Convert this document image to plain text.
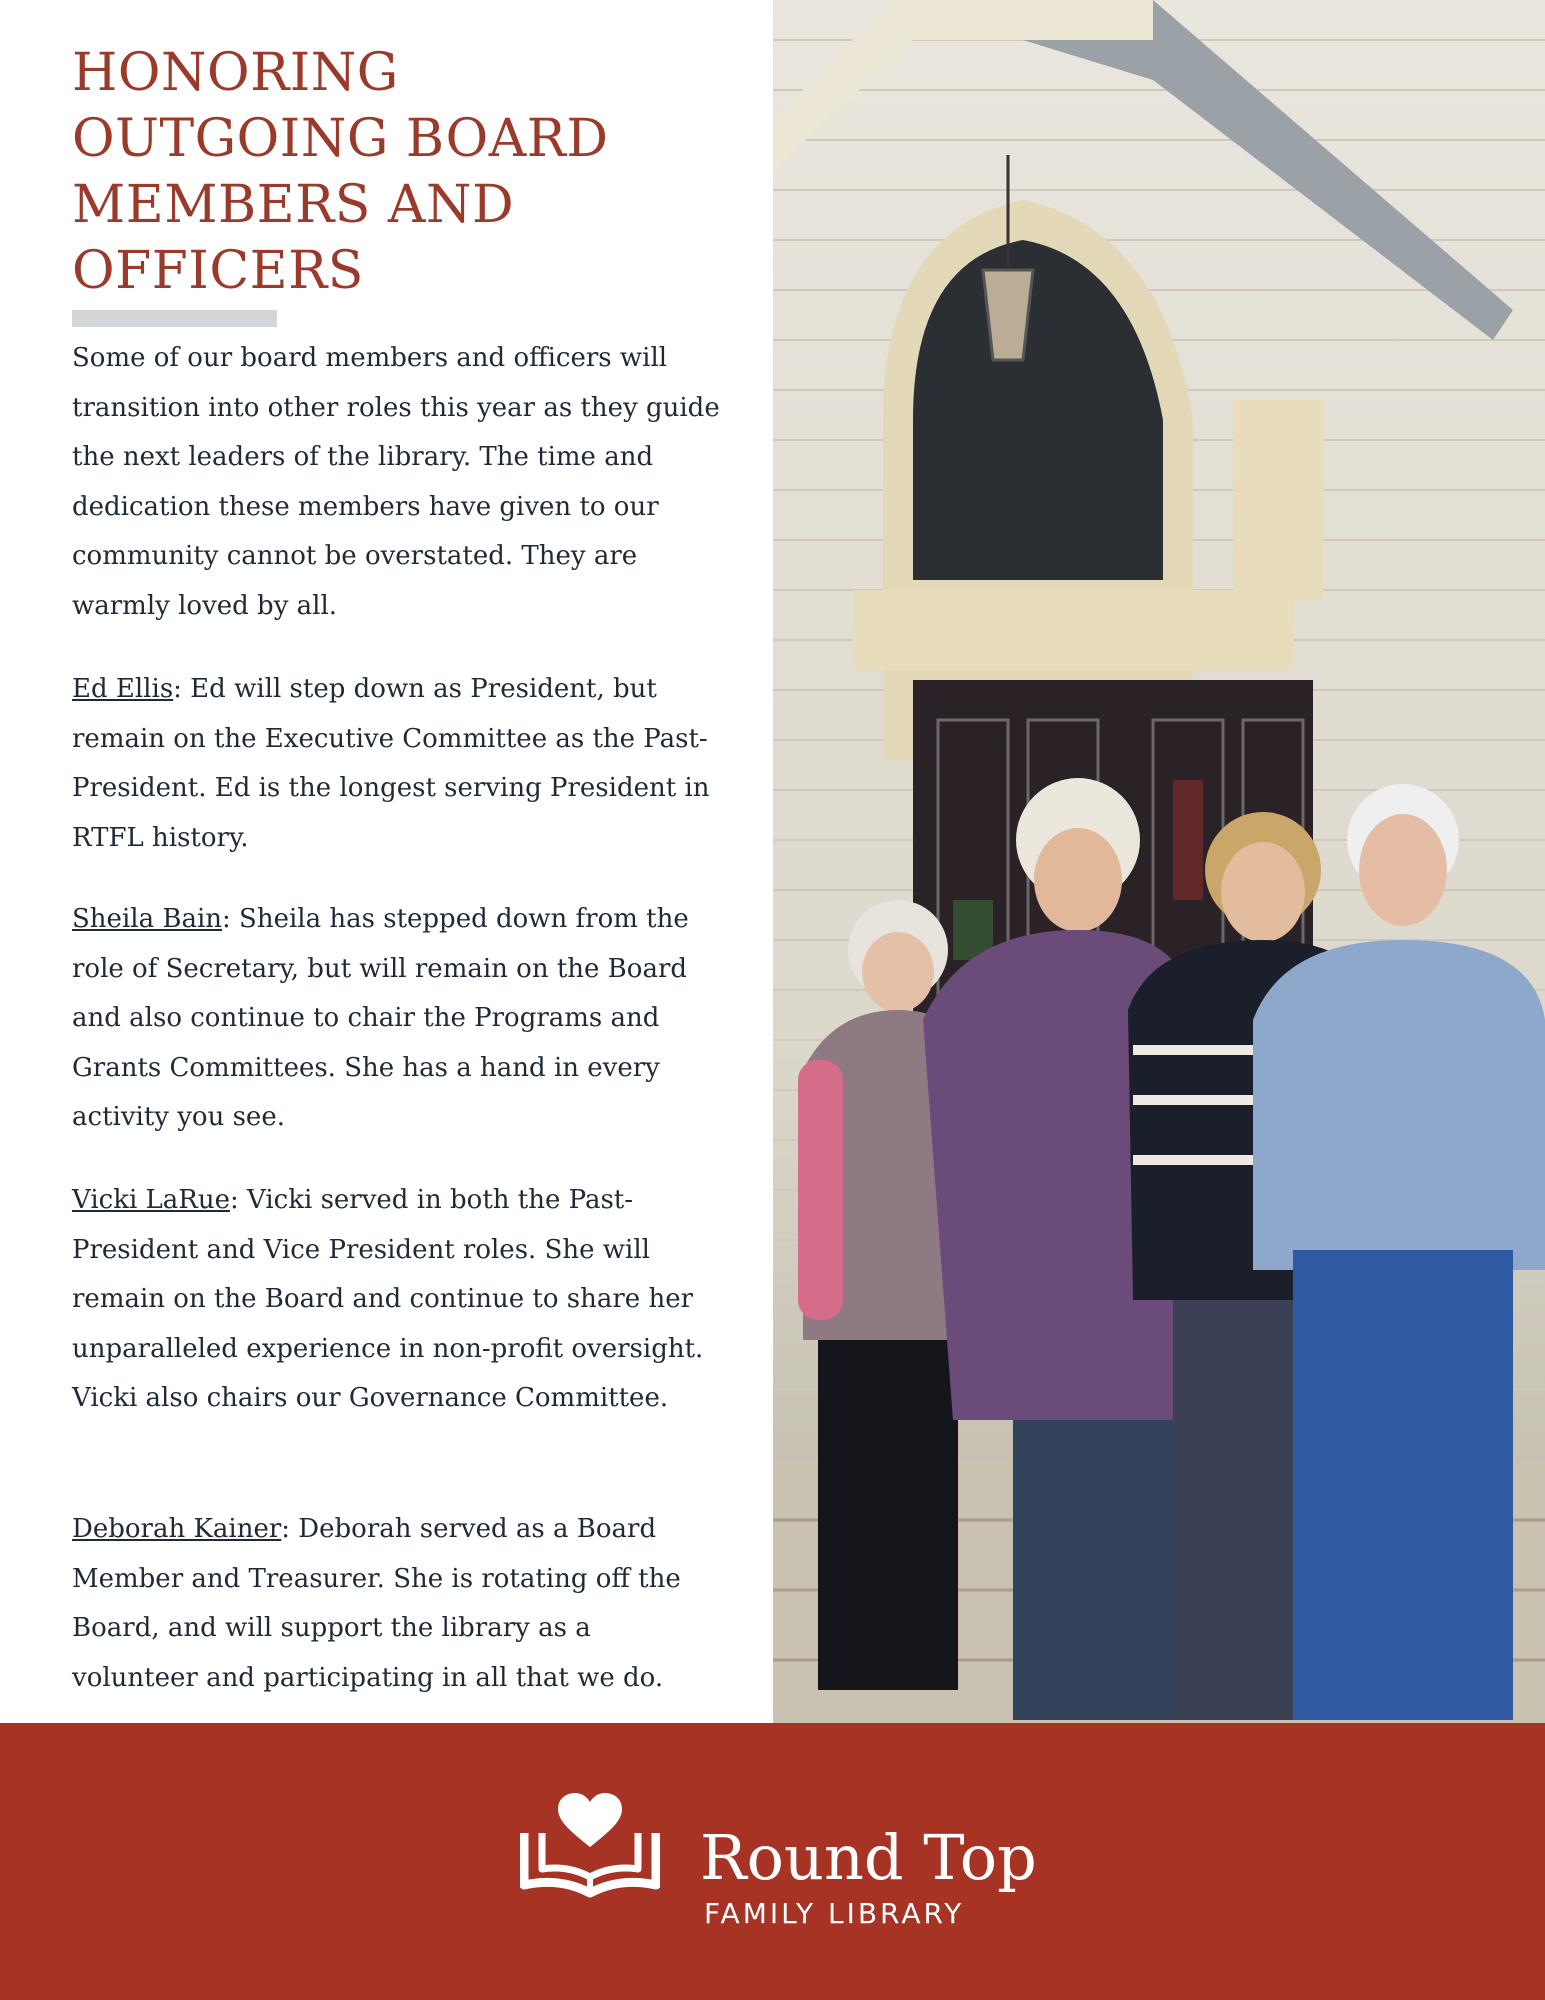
HONORING
OUTGOING BOARD
MEMBERS AND
OFFICERS

Some of our board members and officers will transition into other roles this year as they guide the next leaders of the library. The time and dedication these members have given to our community cannot be overstated. They are warmly loved by all.

Ed Ellis: Ed will step down as President, but remain on the Executive Committee as the Past-President. Ed is the longest serving President in RTFL history.

Sheila Bain: Sheila has stepped down from the role of Secretary, but will remain on the Board and also continue to chair the Programs and Grants Committees. She has a hand in every activity you see.

Vicki LaRue: Vicki served in both the Past-President and Vice President roles. She will remain on the Board and continue to share her unparalleled experience in non-profit oversight. Vicki also chairs our Governance Committee.

Deborah Kainer: Deborah served as a Board Member and Treasurer. She is rotating off the Board, and will support the library as a volunteer and participating in all that we do.

Round Top
FAMILY LIBRARY
